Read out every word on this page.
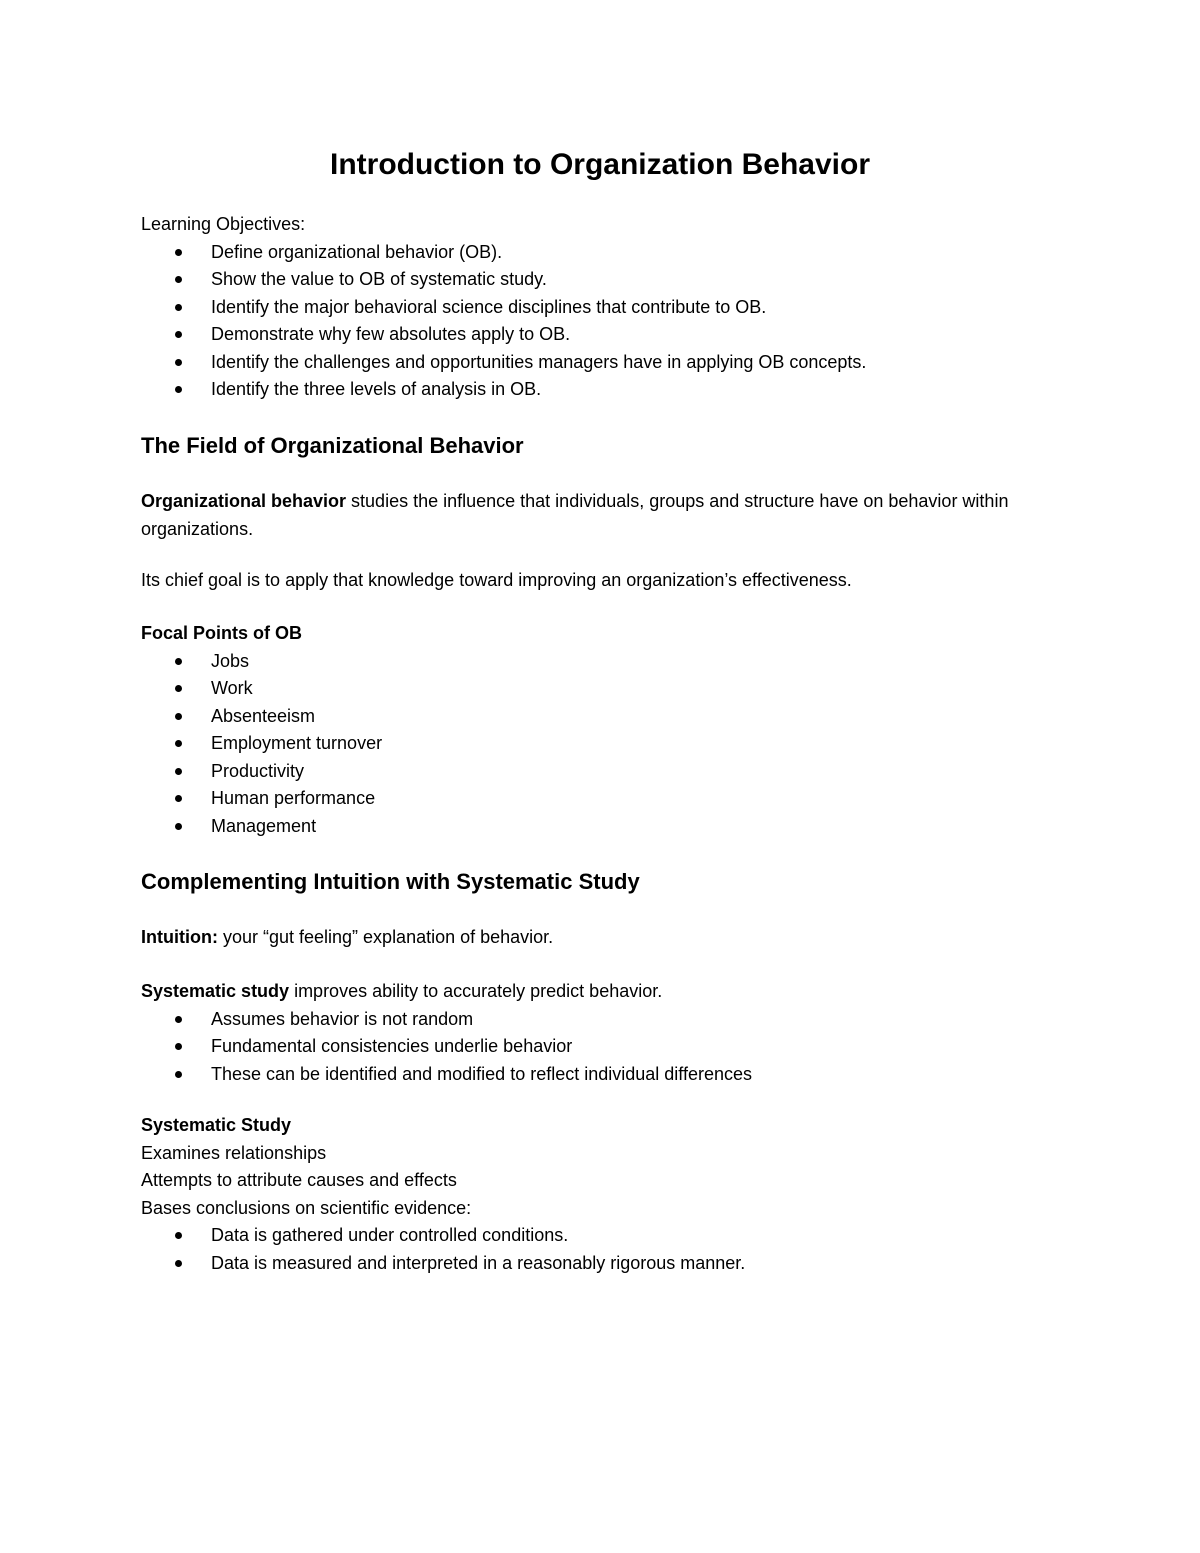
Introduction to Organization Behavior

Learning Objectives:

Define organizational behavior (OB).
Show the value to OB of systematic study.
Identify the major behavioral science disciplines that contribute to OB.
Demonstrate why few absolutes apply to OB.
Identify the challenges and opportunities managers have in applying OB concepts.
Identify the three levels of analysis in OB.
The Field of Organizational Behavior

Organizational behavior studies the influence that individuals, groups and structure have on behavior within organizations.

Its chief goal is to apply that knowledge toward improving an organization’s effectiveness.

Focal Points of OB

Jobs
Work
Absenteeism
Employment turnover
Productivity
Human performance
Management
Complementing Intuition with Systematic Study

Intuition: your “gut feeling” explanation of behavior.

Systematic study improves ability to accurately predict behavior.

Assumes behavior is not random
Fundamental consistencies underlie behavior
These can be identified and modified to reflect individual differences

Systematic Study

Examines relationships

Attempts to attribute causes and effects

Bases conclusions on scientific evidence:

Data is gathered under controlled conditions.
Data is measured and interpreted in a reasonably rigorous manner.
